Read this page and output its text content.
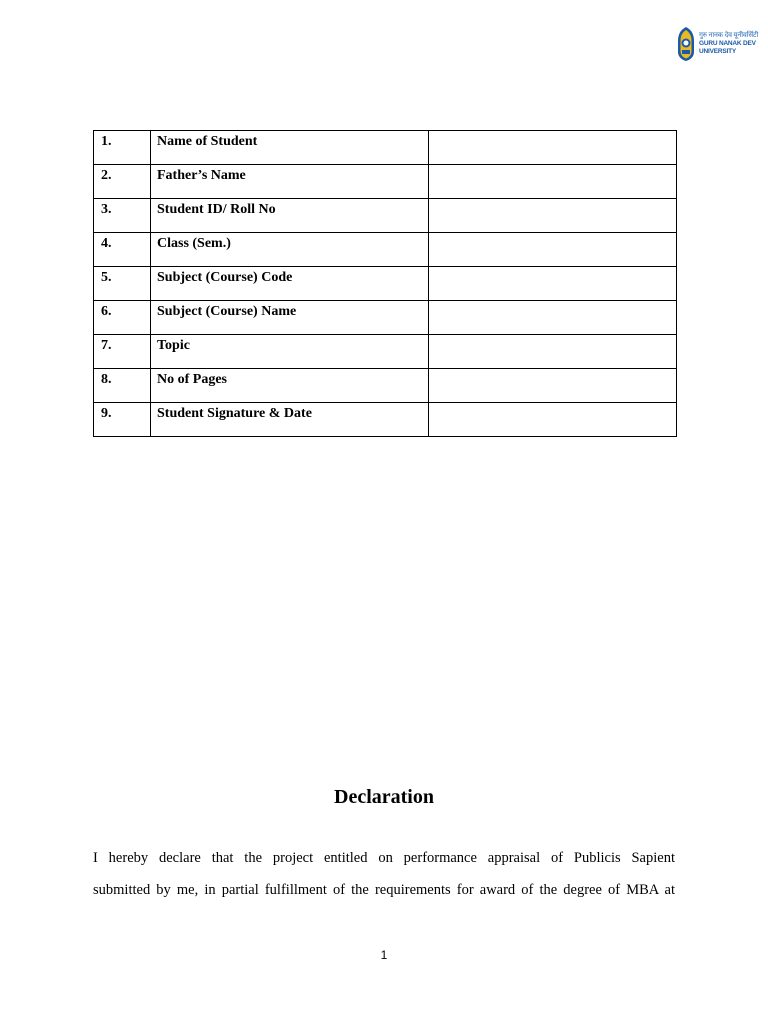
गुरु नानक देव यूनीवर्सिटी
GURU NANAK DEV
UNIVERSITY
1.	Name of Student	
2.	Father’s Name	
3.	Student ID/ Roll No	
4.	Class (Sem.)	
5.	Subject (Course) Code	
6.	Subject (Course) Name	
7.	Topic	
8.	No of Pages	
9.	Student Signature & Date	
Declaration
I hereby declare that the project entitled on performance appraisal of Publicis Sapient
submitted by me, in partial fulfillment of the requirements for award of the degree of MBA at
1
